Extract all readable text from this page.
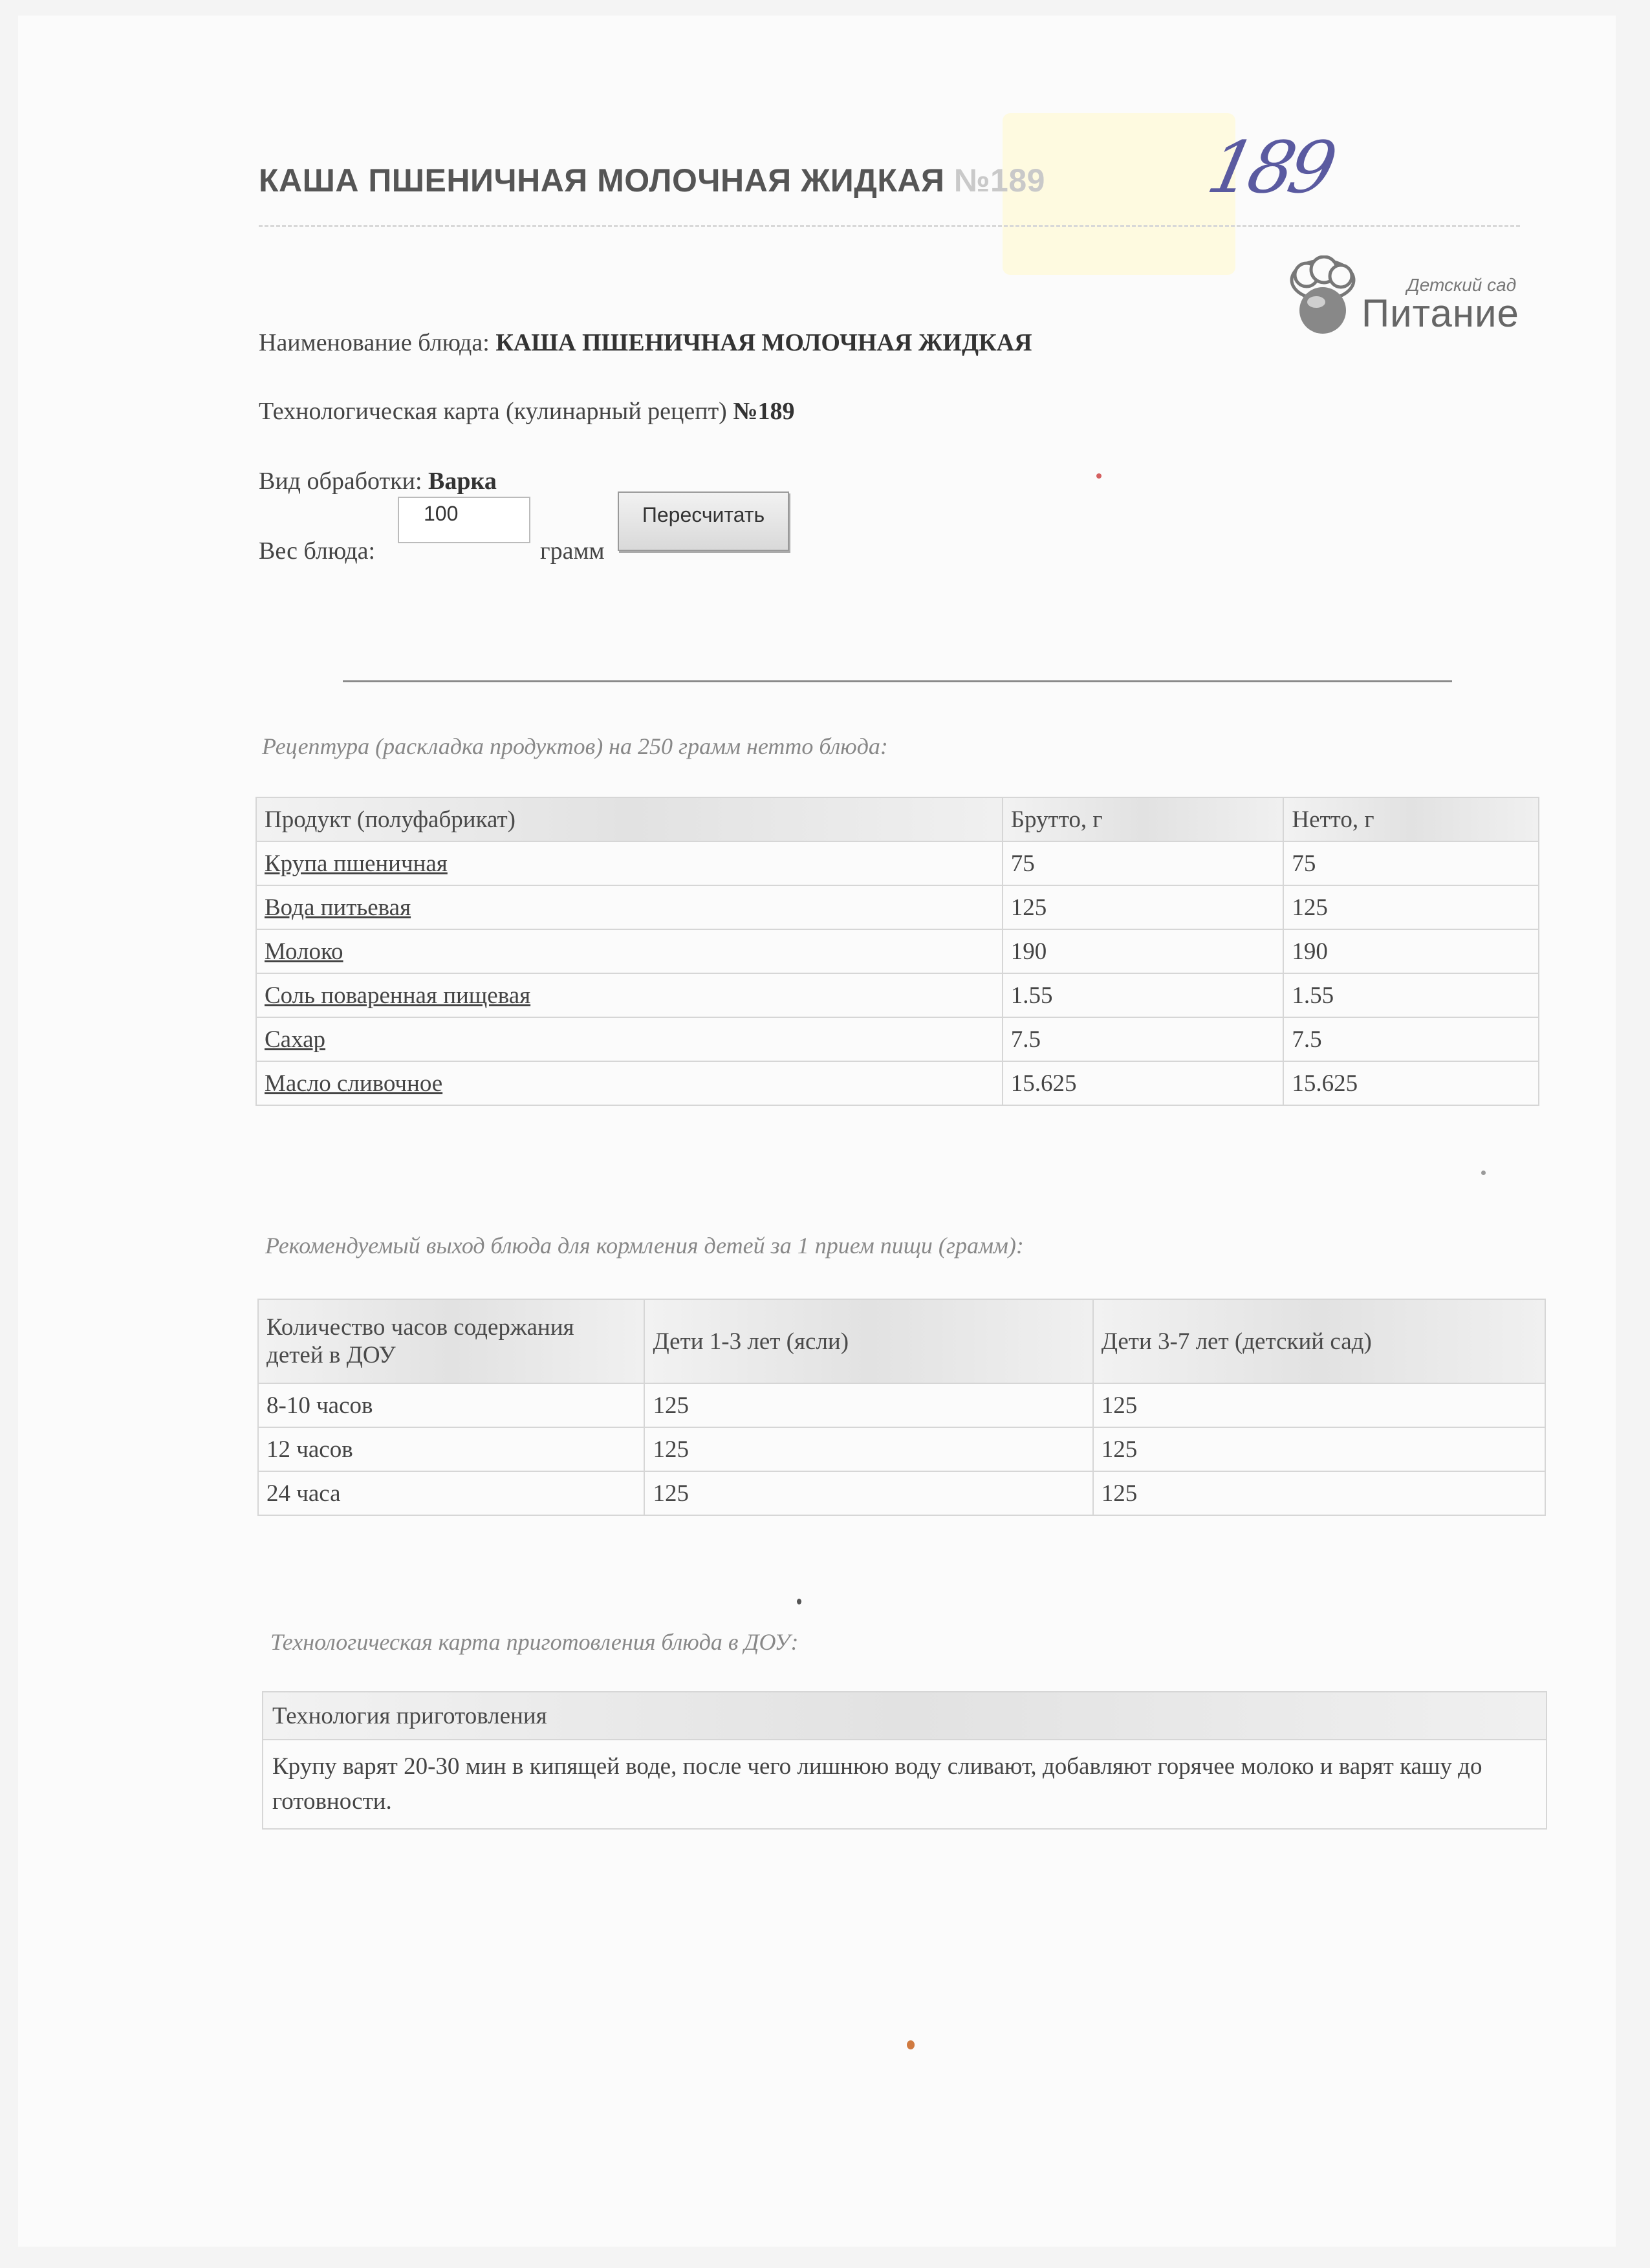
КАША ПШЕНИЧНАЯ МОЛОЧНАЯ ЖИДКАЯ №189	189
Детский сад
Питание
Наименование блюда: КАША ПШЕНИЧНАЯ МОЛОЧНАЯ ЖИДКАЯ
Технологическая карта (кулинарный рецепт) №189
Вид обработки: Варка
Вес блюда:
100
грамм
Пересчитать
Рецептура (раскладка продуктов) на 250 грамм нетто блюда:
Продукт (полуфабрикат)	Брутто, г	Нетто, г
Крупа пшеничная	75	75
Вода питьевая	125	125
Молоко	190	190
Соль поваренная пищевая	1.55	1.55
Сахар	7.5	7.5
Масло сливочное	15.625	15.625
Рекомендуемый выход блюда для кормления детей за 1 прием пищи (грамм):
Количество часов содержания детей в ДОУ	Дети 1-3 лет (ясли)	Дети 3-7 лет (детский сад)
8-10 часов	125	125
12 часов	125	125
24 часа	125	125
Технологическая карта приготовления блюда в ДОУ:
Технология приготовления
Крупу варят 20-30 мин в кипящей воде, после чего лишнюю воду сливают, добавляют горячее молоко и варят кашу до готовности.
